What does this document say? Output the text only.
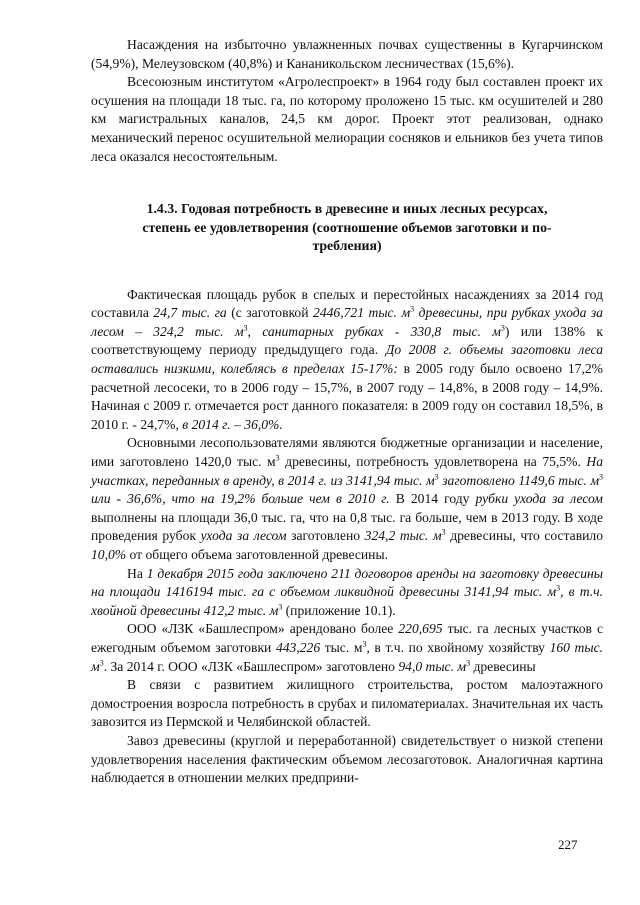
Насаждения на избыточно увлажненных почвах существенны в Кугарчинском (54,9%), Мелеузовском (40,8%) и Кананикольском лесничествах (15,6%).

Всесоюзным институтом «Агролеспроект» в 1964 году был составлен проект их осушения на площади 18 тыс. га, по которому проложено 15 тыс. км осушителей и 280 км магистральных каналов, 24,5 км дорог. Проект этот реализован, однако механический перенос осушительной мелиорации сосняков и ельников без учета типов леса оказался несостоятельным.

1.4.3. Годовая потребность в древесине и иных лесных ресурсах,
степень ее удовлетворения (соотношение объемов заготовки и по-
требления)

Фактическая площадь рубок в спелых и перестойных насаждениях за 2014 год составила 24,7 тыс. га (с заготовкой 2446,721 тыс. $м^3$ древесины, при рубках ухода за лесом – 324,2 тыс. $м^3$, санитарных рубках - 330,8 тыс. $м^3$) или 138% к соответствующему периоду предыдущего года. До 2008 г. объемы заготовки леса оставались низкими, колеблясь в пределах 15-17%: в 2005 году было освоено 17,2% расчетной лесосеки, то в 2006 году – 15,7%, в 2007 году – 14,8%, в 2008 году – 14,9%. Начиная с 2009 г. отмечается рост данного показателя: в 2009 году он составил 18,5%, в 2010 г. - 24,7%, в 2014 г. – 36,0%.

Основными лесопользователями являются бюджетные организации и население, ими заготовлено 1420,0 тыс. $м^3$ древесины, потребность удовлетворена на 75,5%. На участках, переданных в аренду, в 2014 г. из 3141,94 тыс. $м^3$ заготовлено 1149,6 тыс. $м^3$ или - 36,6%, что на 19,2% больше чем в 2010 г. В 2014 году рубки ухода за лесом выполнены на площади 36,0 тыс. га, что на 0,8 тыс. га больше, чем в 2013 году. В ходе проведения рубок ухода за лесом заготовлено 324,2 тыс. $м^3$ древесины, что составило 10,0% от общего объема заготовленной древесины.

На 1 декабря 2015 года заключено 211 договоров аренды на заготовку древесины на площади 1416194 тыс. га с объемом ликвидной древесины 3141,94 тыс. $м^3$, в т.ч. хвойной древесины 412,2 тыс. $м^3$ (приложение 10.1).

ООО «ЛЗК «Башлеспром» арендовано более 220,695 тыс. га лесных участков с ежегодным объемом заготовки 443,226 тыс. $м^3$, в т.ч. по хвойному хозяйству 160 тыс. $м^3$. За 2014 г. ООО «ЛЗК «Башлеспром» заготовлено 94,0 тыс. $м^3$ древесины

В связи с развитием жилищного строительства, ростом малоэтажного домостроения возросла потребность в срубах и пиломатериалах. Значительная их часть завозится из Пермской и Челябинской областей.

Завоз древесины (круглой и переработанной) свидетельствует о низкой степени удовлетворения населения фактическим объемом лесозаготовок. Аналогичная картина наблюдается в отношении мелких предприни-

227
